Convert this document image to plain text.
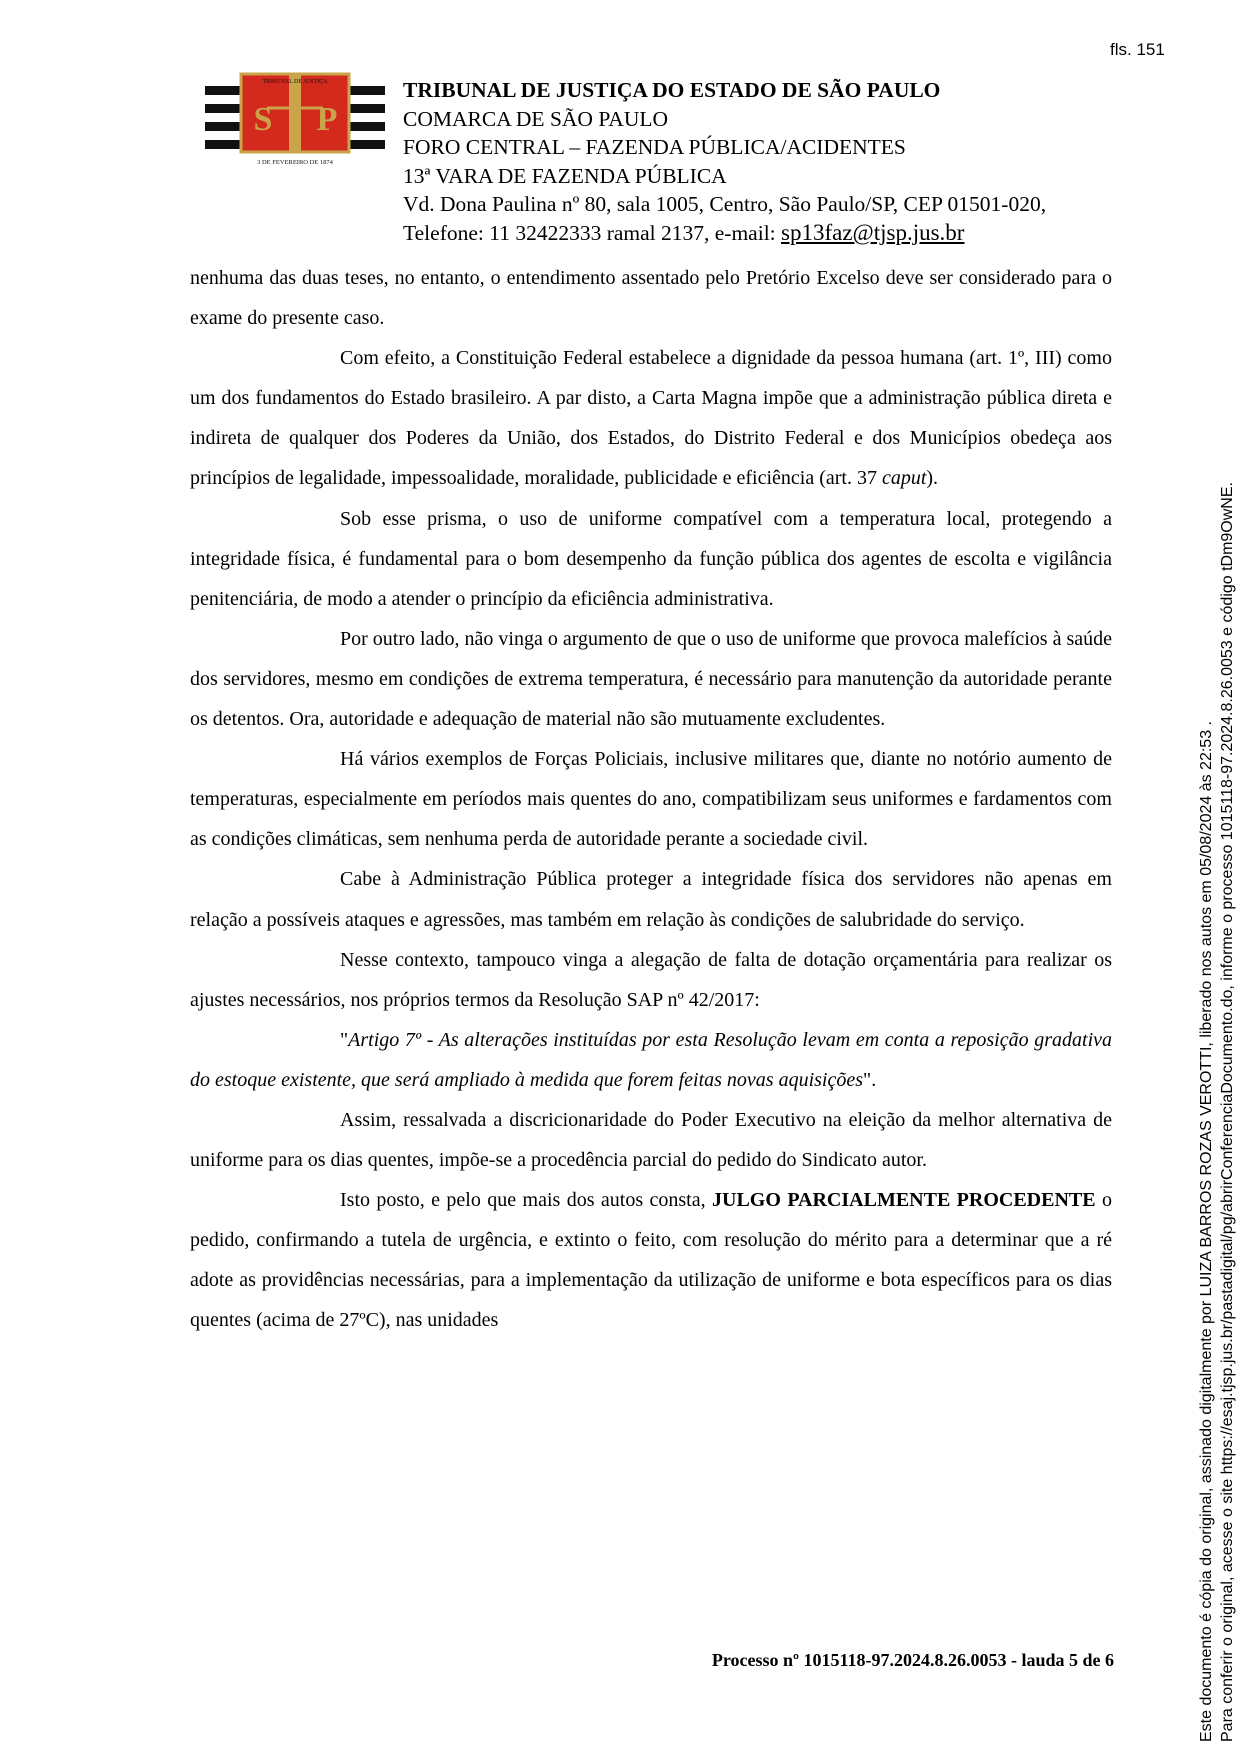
fls. 151
S P
TRIBUNAL DE JUSTIÇA
3 DE FEVEREIRO DE 1874
TRIBUNAL DE JUSTIÇA DO ESTADO DE SÃO PAULO
COMARCA DE SÃO PAULO
FORO CENTRAL – FAZENDA PÚBLICA/ACIDENTES
13ª VARA DE FAZENDA PÚBLICA
Vd. Dona Paulina nº 80, sala 1005, Centro, São Paulo/SP, CEP 01501-020,
Telefone: 11 32422333 ramal 2137, e-mail: sp13faz@tjsp.jus.br

nenhuma das duas teses, no entanto, o entendimento assentado pelo Pretório Excelso deve ser considerado para o exame do presente caso.

Com efeito, a Constituição Federal estabelece a dignidade da pessoa humana (art. 1º, III) como um dos fundamentos do Estado brasileiro. A par disto, a Carta Magna impõe que a administração pública direta e indireta de qualquer dos Poderes da União, dos Estados, do Distrito Federal e dos Municípios obedeça aos princípios de legalidade, impessoalidade, moralidade, publicidade e eficiência (art. 37 caput).

Sob esse prisma, o uso de uniforme compatível com a temperatura local, protegendo a integridade física, é fundamental para o bom desempenho da função pública dos agentes de escolta e vigilância penitenciária, de modo a atender o princípio da eficiência administrativa.

Por outro lado, não vinga o argumento de que o uso de uniforme que provoca malefícios à saúde dos servidores, mesmo em condições de extrema temperatura, é necessário para manutenção da autoridade perante os detentos. Ora, autoridade e adequação de material não são mutuamente excludentes.

Há vários exemplos de Forças Policiais, inclusive militares que, diante no notório aumento de temperaturas, especialmente em períodos mais quentes do ano, compatibilizam seus uniformes e fardamentos com as condições climáticas, sem nenhuma perda de autoridade perante a sociedade civil.

Cabe à Administração Pública proteger a integridade física dos servidores não apenas em relação a possíveis ataques e agressões, mas também em relação às condições de salubridade do serviço.

Nesse contexto, tampouco vinga a alegação de falta de dotação orçamentária para realizar os ajustes necessários, nos próprios termos da Resolução SAP nº 42/2017:

"Artigo 7º - As alterações instituídas por esta Resolução levam em conta a reposição gradativa do estoque existente, que será ampliado à medida que forem feitas novas aquisições".

Assim, ressalvada a discricionaridade do Poder Executivo na eleição da melhor alternativa de uniforme para os dias quentes, impõe-se a procedência parcial do pedido do Sindicato autor.

Isto posto, e pelo que mais dos autos consta, JULGO PARCIALMENTE PROCEDENTE o pedido, confirmando a tutela de urgência, e extinto o feito, com resolução do mérito para a determinar que a ré adote as providências necessárias, para a implementação da utilização de uniforme e bota específicos para os dias quentes (acima de 27ºC), nas unidades

Processo nº 1015118-97.2024.8.26.0053 - lauda 5 de 6	Este documento é cópia do original, assinado digitalmente por LUIZA BARROS ROZAS VEROTTI, liberado nos autos em 05/08/2024 às 22:53 . Para conferir o original, acesse o site https://esaj.tjsp.jus.br/pastadigital/pg/abrirConferenciaDocumento.do, informe o processo 1015118-97.2024.8.26.0053 e código tDm9OwNE.
